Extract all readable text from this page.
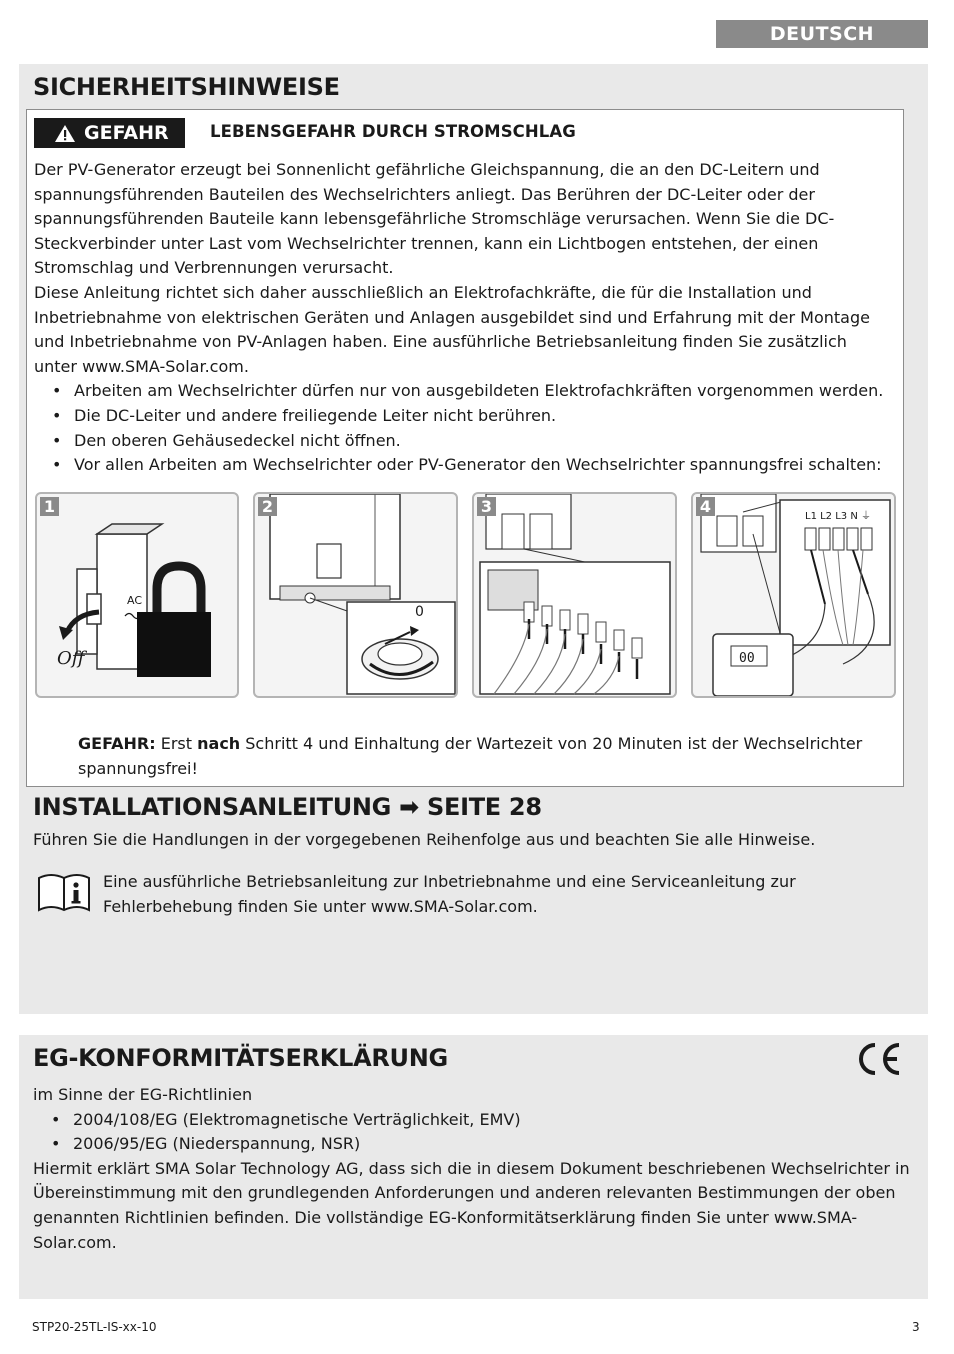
DEUTSCH
SICHERHEITSHINWEISE
GEFAHR	LEBENSGEFAHR DURCH STROMSCHLAG

Der PV-Generator erzeugt bei Sonnenlicht gefährliche Gleichspannung, die an den DC-Leitern und spannungsführenden Bauteilen des Wechselrichters anliegt. Das Berühren der DC-Leiter oder der spannungsführenden Bauteile kann lebensgefährliche Stromschläge verursachen. Wenn Sie die DC-Steckverbinder unter Last vom Wechselrichter trennen, kann ein Lichtbogen entstehen, der einen Stromschlag und Verbrennungen verursacht.

Diese Anleitung richtet sich daher ausschließlich an Elektrofachkräfte, die für die Installation und Inbetriebnahme von elektrischen Geräten und Anlagen ausgebildet sind und Erfahrung mit der Montage und Inbetriebnahme von PV-Anlagen haben. Eine ausführliche Betriebsanleitung finden Sie zusätzlich unter www.SMA-Solar.com.

• Arbeiten am Wechselrichter dürfen nur von ausgebildeten Elektrofachkräften vorgenommen werden.
• Die DC-Leiter und andere freiliegende Leiter nicht berühren.
• Den oberen Gehäusedeckel nicht öffnen.
• Vor allen Arbeiten am Wechselrichter oder PV-Generator den Wechselrichter spannungsfrei schalten:
1
Off
AC
2
0
3	4
L1 L2 L3 N ⏚
00
GEFAHR: Erst nach Schritt 4 und Einhaltung der Wartezeit von 20 Minuten ist der Wechselrichter spannungsfrei!
INSTALLATIONSANLEITUNG ➡ SEITE 28
Führen Sie die Handlungen in der vorgegebenen Reihenfolge aus und beachten Sie alle Hinweise.
Eine ausführliche Betriebsanleitung zur Inbetriebnahme und eine Serviceanleitung zur Fehlerbehebung finden Sie unter www.SMA-Solar.com.
EG-KONFORMITÄTSERKLÄRUNG
im Sinne der EG-Richtlinien
• 2004/108/EG (Elektromagnetische Verträglichkeit, EMV)
• 2006/95/EG (Niederspannung, NSR)
Hiermit erklärt SMA Solar Technology AG, dass sich die in diesem Dokument beschriebenen Wechselrichter in Übereinstimmung mit den grundlegenden Anforderungen und anderen relevanten Bestimmungen der oben genannten Richtlinien befinden. Die vollständige EG-Konformitätserklärung finden Sie unter www.SMA-Solar.com.
STP20-25TL-IS-xx-10	3
